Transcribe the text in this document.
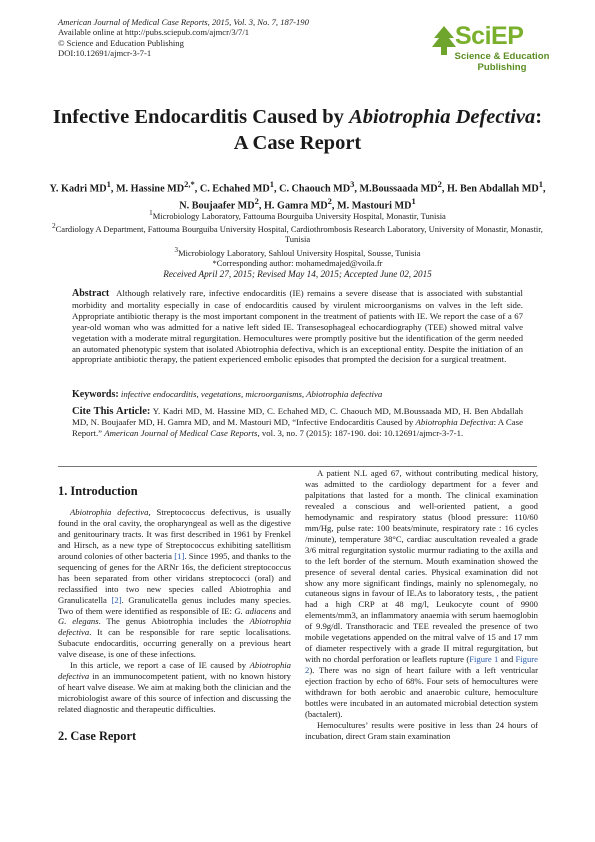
American Journal of Medical Case Reports, 2015, Vol. 3, No. 7, 187-190
Available online at http://pubs.sciepub.com/ajmcr/3/7/1
© Science and Education Publishing
DOI:10.12691/ajmcr-3-7-1
SciEP
Science & Education
Publishing
Infective Endocarditis Caused by Abiotrophia Defectiva:
A Case Report
Y. Kadri $MD^1$, M. Hassine $MD^{2,*}$, C. Echahed $MD^1$, C. Chaouch $MD^3$, M.Boussaada $MD^2$, H. Ben Abdallah $MD^1$,
N. Boujaafer $MD^2$, H. Gamra $MD^2$, M. Mastouri $MD^1$
$^1$Microbiology Laboratory, Fattouma Bourguiba University Hospital, Monastir, Tunisia
$^2$Cardiology A Department, Fattouma Bourguiba University Hospital, Cardiothrombosis Research Laboratory, University of Monastir, Monastir, Tunisia
$^3$Microbiology Laboratory, Sahloul University Hospital, Sousse, Tunisia
*Corresponding author: mohamedmajed@voila.fr
Received April 27, 2015; Revised May 14, 2015; Accepted June 02, 2015
Abstract Although relatively rare, infective endocarditis (IE) remains a severe disease that is associated with substantial morbidity and mortality especially in case of endocarditis caused by virulent microorganisms on valves in the left side. Appropriate antibiotic therapy is the most important component in the treatment of patients with IE. We report the case of a 67 year-old woman who was admitted for a native left sided IE. Transesophageal echocardiography (TEE) showed mitral valve vegetation with a moderate mitral regurgitation. Hemocultures were promptly positive but the identification of the germ needed an automated phenotypic system that isolated Abiotrophia defectiva, which is an exceptional entity. Despite the initiation of an appropriate antibiotic therapy, the patient experienced embolic episodes that prompted the decision for a surgical treatment.
Keywords: infective endocarditis, vegetations, microorganisms, Abiotrophia defectiva
Cite This Article: Y. Kadri MD, M. Hassine MD, C. Echahed MD, C. Chaouch MD, M.Boussaada MD, H. Ben Abdallah MD, N. Boujaafer MD, H. Gamra MD, and M. Mastouri MD, “Infective Endocarditis Caused by Abiotrophia Defectiva: A Case Report.” American Journal of Medical Case Reports, vol. 3, no. 7 (2015): 187-190. doi: 10.12691/ajmcr-3-7-1.
1. Introduction

Abiotrophia defectiva, Streptococcus defectivus, is usually found in the oral cavity, the oropharyngeal as well as the digestive and genitourinary tracts. It was first described in 1961 by Frenkel and Hirsch, as a new type of Streptococcus exhibiting satellitism around colonies of other bacteria [1]. Since 1995, and thanks to the sequencing of genes for the ARNr 16s, the deficient streptococcus has been separated from other viridans streptococci (oral) and reclassified into two new species called Abiotrophia and Granulicatella [2]. Granulicatella genus includes many species. Two of them were identified as responsible of IE: G. adiacens and G. elegans. The genus Abiotrophia includes the Abiotrophia defectiva. It can be responsible for rare septic localisations. Subacute endocarditis, occurring generally on a previous heart valve disease, is one of these infections.

In this article, we report a case of IE caused by Abiotrophia defectiva in an immunocompetent patient, with no known history of heart valve disease. We aim at making both the clinician and the microbiologist aware of this source of infection and discussing the related diagnostic and therapeutic difficulties.

2. Case Report

A patient N.L aged 67, without contributing medical history, was admitted to the cardiology department for a fever and palpitations that lasted for a month. The clinical examination revealed a conscious and well-oriented patient, a good hemodynamic and respiratory status (blood pressure: 110/60 mm/Hg, pulse rate: 100 beats/minute, respiratory rate : 16 cycles /minute), temperature 38°C, cardiac auscultation revealed a grade 3/6 mitral regurgitation systolic murmur radiating to the axilla and to the left border of the sternum. Mouth examination showed the presence of several dental caries. Physical examination did not show any more significant findings, mainly no splenomegaly, no cutaneous signs in favour of IE.As to laboratory tests, , the patient had a high CRP at 48 mg/l, Leukocyte count of 9900 elements/mm3, an inflammatory anaemia with serum haemoglobin of 9.9g/dl. Transthoracic and TEE revealed the presence of two mobile vegetations appended on the mitral valve of 15 and 17 mm of diameter respectively with a grade II mitral regurgitation, but with no chordal perforation or leaflets rupture (Figure 1 and Figure 2). There was no sign of heart failure with a left ventricular ejection fraction by echo of 68%. Four sets of hemocultures were withdrawn for both aerobic and anaerobic culture, hemoculture bottles were incubated in an automated microbial detection system (bactalert).

Hemocultures’ results were positive in less than 24 hours of incubation, direct Gram stain examination
